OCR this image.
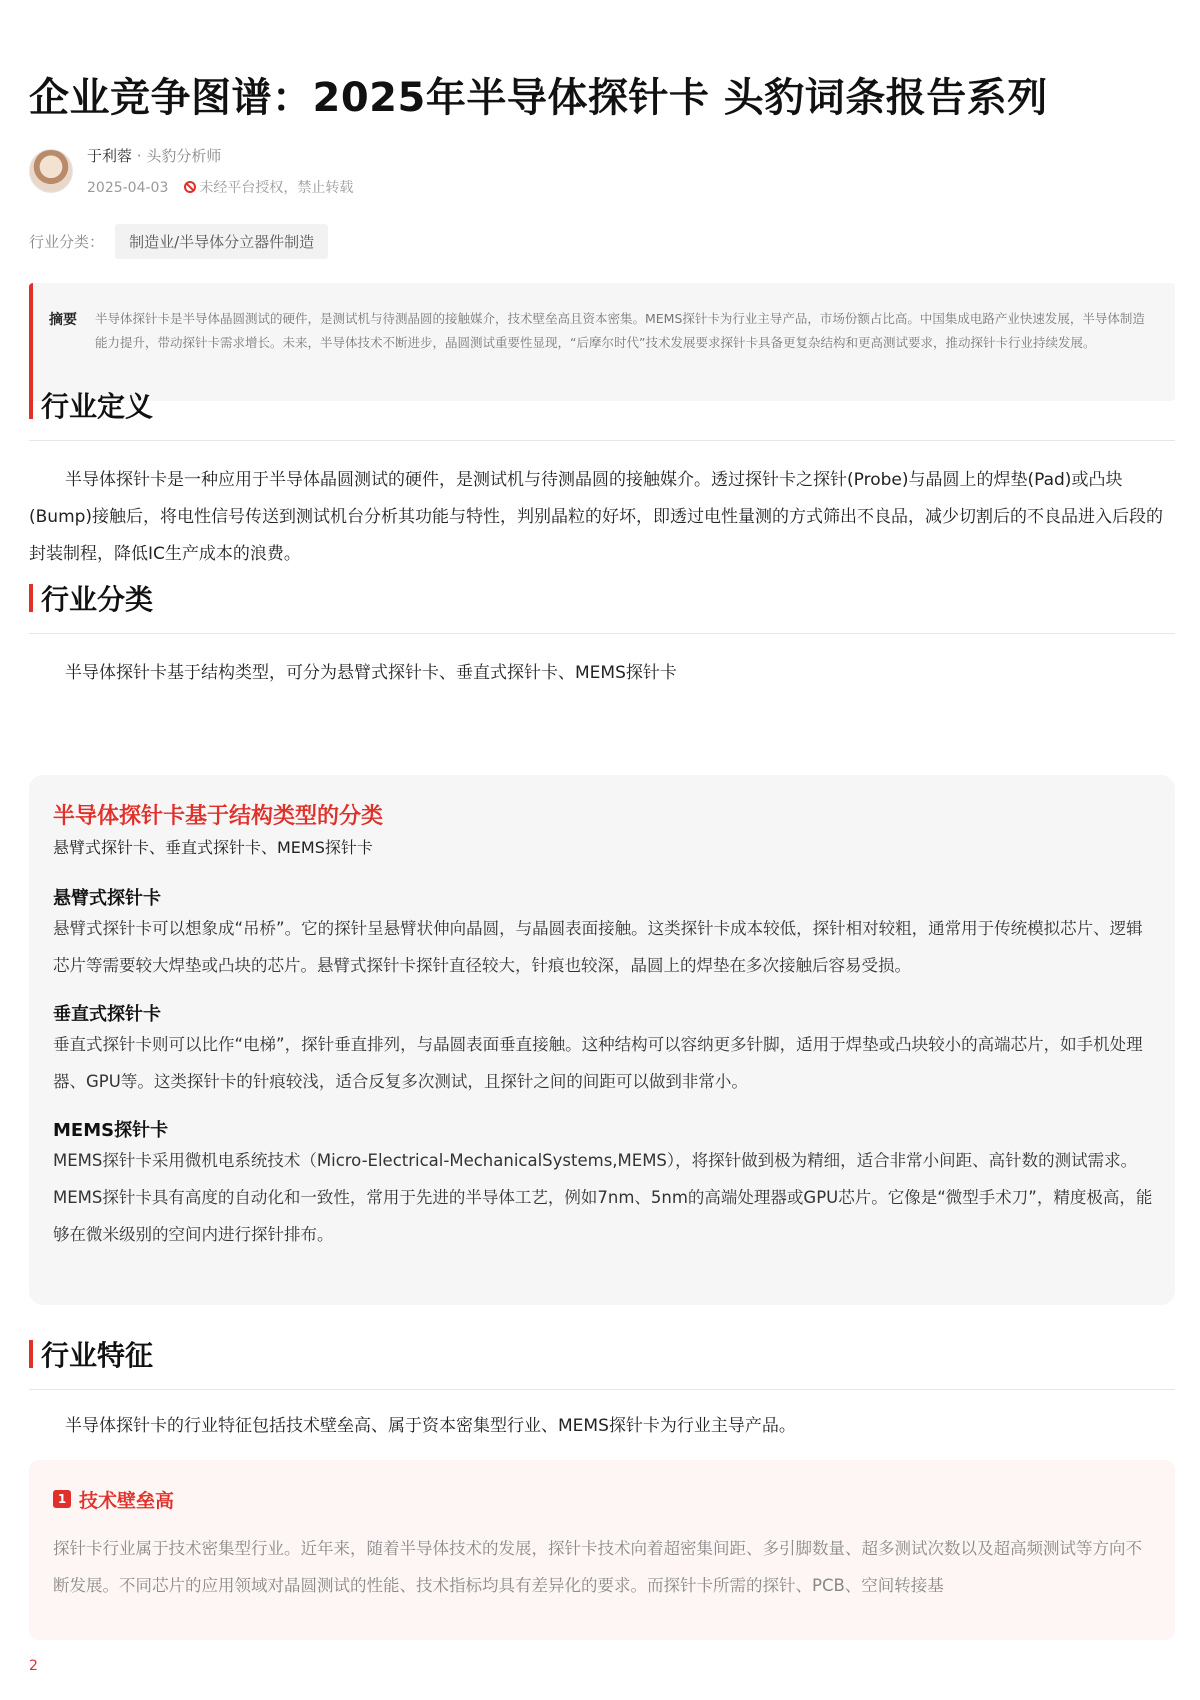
企业竞争图谱：2025年半导体探针卡 头豹词条报告系列
于利蓉 · 头豹分析师
2025-04-03 未经平台授权，禁止转载
行业分类： 制造业/半导体分立器件制造
摘要 半导体探针卡是半导体晶圆测试的硬件，是测试机与待测晶圆的接触媒介，技术壁垒高且资本密集。MEMS探针卡为行业主导产品，市场份额占比高。中国集成电路产业快速发展，半导体制造能力提升，带动探针卡需求增长。未来，半导体技术不断进步，晶圆测试重要性显现，“后摩尔时代”技术发展要求探针卡具备更复杂结构和更高测试要求，推动探针卡行业持续发展。
行业定义

半导体探针卡是一种应用于半导体晶圆测试的硬件，是测试机与待测晶圆的接触媒介。透过探针卡之探针(Probe)与晶圆上的焊垫(Pad)或凸块(Bump)接触后，将电性信号传送到测试机台分析其功能与特性，判别晶粒的好坏，即透过电性量测的方式筛出不良品，减少切割后的不良品进入后段的封装制程，降低IC生产成本的浪费。

行业分类

半导体探针卡基于结构类型，可分为悬臂式探针卡、垂直式探针卡、MEMS探针卡

半导体探针卡基于结构类型的分类
悬臂式探针卡、垂直式探针卡、MEMS探针卡
悬臂式探针卡

悬臂式探针卡可以想象成“吊桥”。它的探针呈悬臂状伸向晶圆，与晶圆表面接触。这类探针卡成本较低，探针相对较粗，通常用于传统模拟芯片、逻辑芯片等需要较大焊垫或凸块的芯片。悬臂式探针卡探针直径较大，针痕也较深，晶圆上的焊垫在多次接触后容易受损。

垂直式探针卡

垂直式探针卡则可以比作“电梯”，探针垂直排列，与晶圆表面垂直接触。这种结构可以容纳更多针脚，适用于焊垫或凸块较小的高端芯片，如手机处理器、GPU等。这类探针卡的针痕较浅，适合反复多次测试，且探针之间的间距可以做到非常小。

MEMS探针卡

MEMS探针卡采用微机电系统技术（Micro-Electrical-MechanicalSystems,MEMS），将探针做到极为精细，适合非常小间距、高针数的测试需求。MEMS探针卡具有高度的自动化和一致性，常用于先进的半导体工艺，例如7nm、5nm的高端处理器或GPU芯片。它像是“微型手术刀”，精度极高，能够在微米级别的空间内进行探针排布。

行业特征

半导体探针卡的行业特征包括技术壁垒高、属于资本密集型行业、MEMS探针卡为行业主导产品。

1 技术壁垒高

探针卡行业属于技术密集型行业。近年来，随着半导体技术的发展，探针卡技术向着超密集间距、多引脚数量、超多测试次数以及超高频测试等方向不断发展。不同芯片的应用领域对晶圆测试的性能、技术指标均具有差异化的要求。而探针卡所需的探针、PCB、空间转接基

2
